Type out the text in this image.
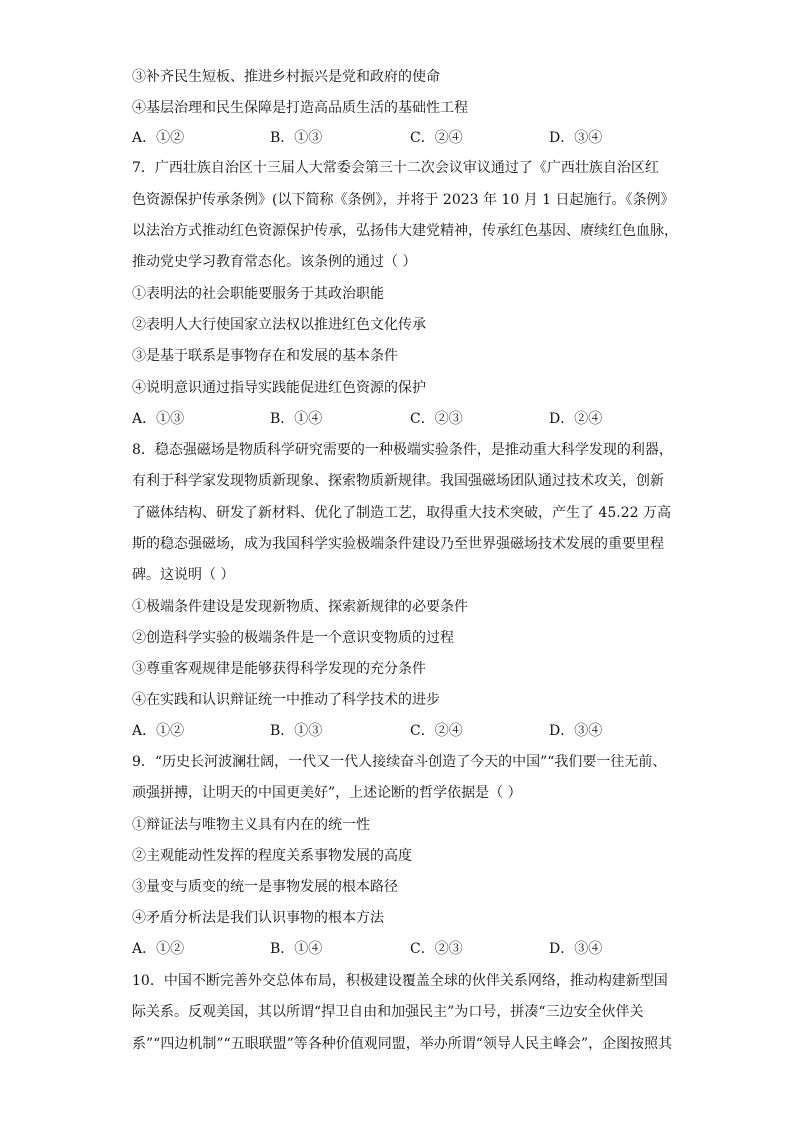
③补齐民生短板、推进乡村振兴是党和政府的使命
④基层治理和民生保障是打造高品质生活的基础性工程
A．①②	B．①③	C．②④	D．③④
7．广西壮族自治区十三届人大常委会第三十二次会议审议通过了《广西壮族自治区红
色资源保护传承条例》(以下简称《条例》，并将于 2023 年 10 月 1 日起施行。《条例》
以法治方式推动红色资源保护传承，弘扬伟大建党精神，传承红色基因、赓续红色血脉，
推动党史学习教育常态化。该条例的通过（ ）
①表明法的社会职能要服务于其政治职能
②表明人大行使国家立法权以推进红色文化传承
③是基于联系是事物存在和发展的基本条件
④说明意识通过指导实践能促进红色资源的保护
A．①③	B．①④	C．②③	D．②④
8．稳态强磁场是物质科学研究需要的一种极端实验条件，是推动重大科学发现的利器，
有利于科学家发现物质新现象、探索物质新规律。我国强磁场团队通过技术攻关，创新
了磁体结构、研发了新材料、优化了制造工艺，取得重大技术突破，产生了 45.22 万高
斯的稳态强磁场，成为我国科学实验极端条件建设乃至世界强磁场技术发展的重要里程
碑。这说明（ ）
①极端条件建设是发现新物质、探索新规律的必要条件
②创造科学实验的极端条件是一个意识变物质的过程
③尊重客观规律是能够获得科学发现的充分条件
④在实践和认识辩证统一中推动了科学技术的进步
A．①②	B．①③	C．②④	D．③④
9．“历史长河波澜壮阔，一代又一代人接续奋斗创造了今天的中国”“我们要一往无前、
顽强拼搏，让明天的中国更美好”，上述论断的哲学依据是（ ）
①辩证法与唯物主义具有内在的统一性
②主观能动性发挥的程度关系事物发展的高度
③量变与质变的统一是事物发展的根本路径
④矛盾分析法是我们认识事物的根本方法
A．①②	B．①④	C．②③	D．③④
10．中国不断完善外交总体布局，积极建设覆盖全球的伙伴关系网络，推动构建新型国
际关系。反观美国，其以所谓“捍卫自由和加强民主”为口号，拼凑“三边安全伙伴关
系”“四边机制”“五眼联盟”等各种价值观同盟，举办所谓“领导人民主峰会”，企图按照其
